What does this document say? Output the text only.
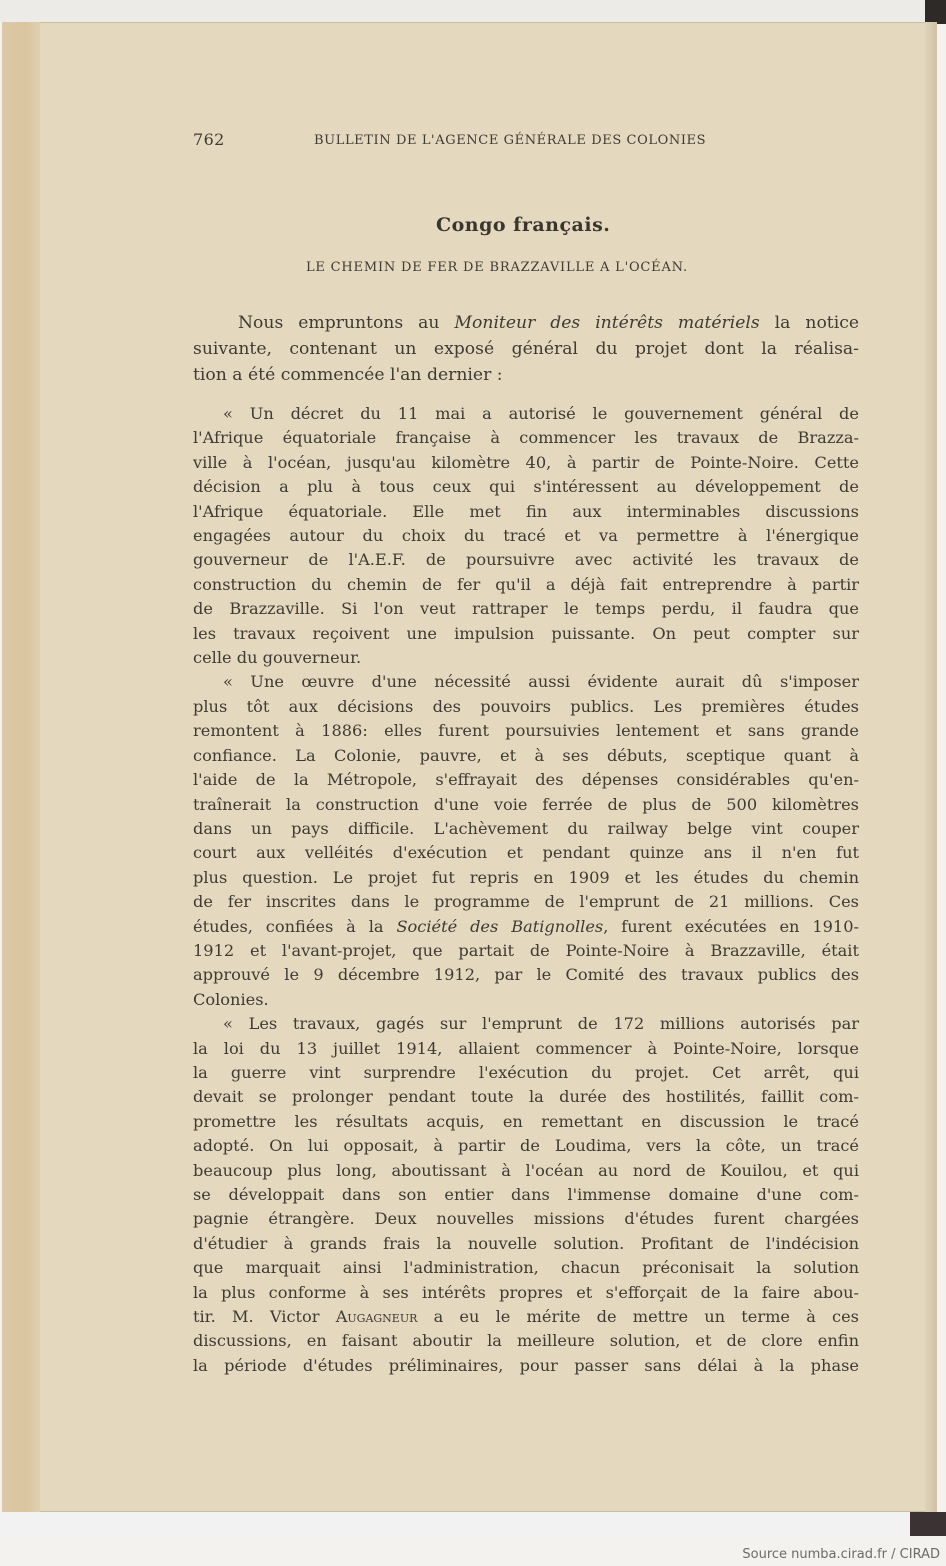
762	BULLETIN DE L'AGENCE GÉNÉRALE DES COLONIES
Congo français.
LE CHEMIN DE FER DE BRAZZAVILLE A L'OCÉAN.

Nous empruntons au Moniteur des intérêts matériels la notice
suivante, contenant un exposé général du projet dont la réalisa-
tion a été commencée l'an dernier :

« Un décret du 11 mai a autorisé le gouvernement général de
l'Afrique équatoriale française à commencer les travaux de Brazza-
ville à l'océan, jusqu'au kilomètre 40, à partir de Pointe-Noire. Cette
décision a plu à tous ceux qui s'intéressent au développement de
l'Afrique équatoriale. Elle met fin aux interminables discussions
engagées autour du choix du tracé et va permettre à l'énergique
gouverneur de l'A.E.F. de poursuivre avec activité les travaux de
construction du chemin de fer qu'il a déjà fait entreprendre à partir
de Brazzaville. Si l'on veut rattraper le temps perdu, il faudra que
les travaux reçoivent une impulsion puissante. On peut compter sur
celle du gouverneur.

« Une œuvre d'une nécessité aussi évidente aurait dû s'imposer
plus tôt aux décisions des pouvoirs publics. Les premières études
remontent à 1886: elles furent poursuivies lentement et sans grande
confiance. La Colonie, pauvre, et à ses débuts, sceptique quant à
l'aide de la Métropole, s'effrayait des dépenses considérables qu'en-
traînerait la construction d'une voie ferrée de plus de 500 kilomètres
dans un pays difficile. L'achèvement du railway belge vint couper
court aux velléités d'exécution et pendant quinze ans il n'en fut
plus question. Le projet fut repris en 1909 et les études du chemin
de fer inscrites dans le programme de l'emprunt de 21 millions. Ces
études, confiées à la Société des Batignolles, furent exécutées en 1910-
1912 et l'avant-projet, que partait de Pointe-Noire à Brazzaville, était
approuvé le 9 décembre 1912, par le Comité des travaux publics des
Colonies.

« Les travaux, gagés sur l'emprunt de 172 millions autorisés par
la loi du 13 juillet 1914, allaient commencer à Pointe-Noire, lorsque
la guerre vint surprendre l'exécution du projet. Cet arrêt, qui
devait se prolonger pendant toute la durée des hostilités, faillit com-
promettre les résultats acquis, en remettant en discussion le tracé
adopté. On lui opposait, à partir de Loudima, vers la côte, un tracé
beaucoup plus long, aboutissant à l'océan au nord de Kouilou, et qui
se développait dans son entier dans l'immense domaine d'une com-
pagnie étrangère. Deux nouvelles missions d'études furent chargées
d'étudier à grands frais la nouvelle solution. Profitant de l'indécision
que marquait ainsi l'administration, chacun préconisait la solution
la plus conforme à ses intérêts propres et s'efforçait de la faire abou-
tir. M. Victor Augagneur a eu le mérite de mettre un terme à ces
discussions, en faisant aboutir la meilleure solution, et de clore enfin
la période d'études préliminaires, pour passer sans délai à la phase

Source numba.cirad.fr / CIRAD
